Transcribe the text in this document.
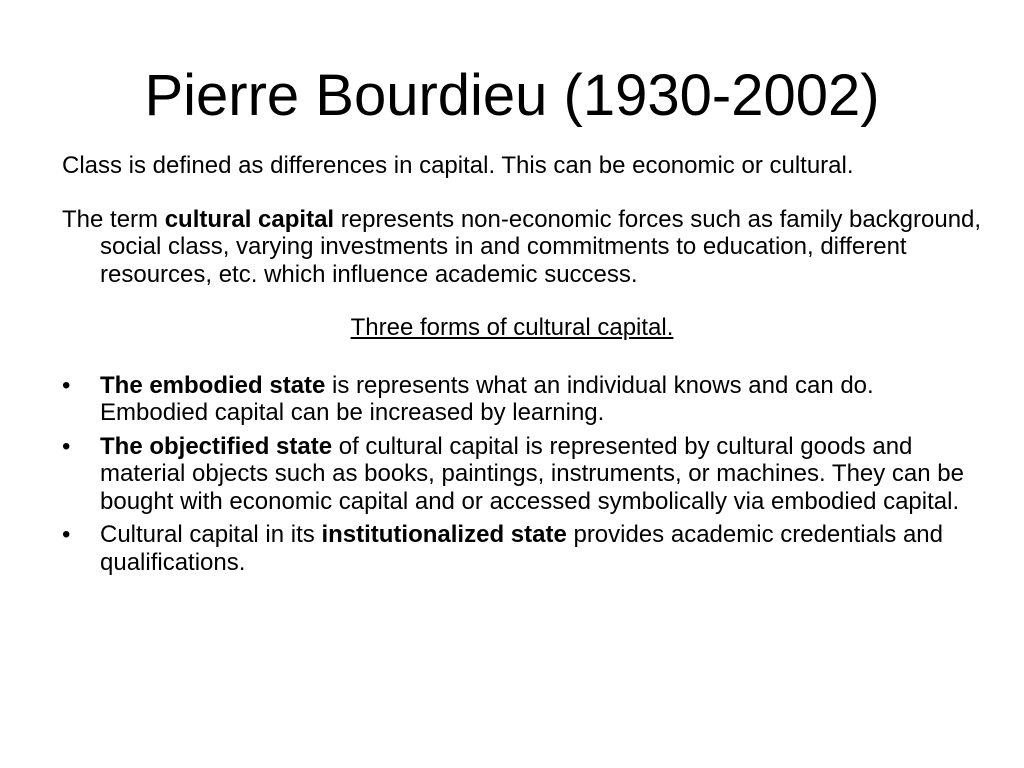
Pierre Bourdieu (1930-2002)

Class is defined as differences in capital. This can be economic or cultural.

The term cultural capital represents non-economic forces such as family background, social class, varying investments in and commitments to education, different resources, etc. which influence academic success.

Three forms of cultural capital.

•	The embodied state is represents what an individual knows and can do. Embodied capital can be increased by learning.
•	The objectified state of cultural capital is represented by cultural goods and material objects such as books, paintings, instruments, or machines. They can be bought with economic capital and or accessed symbolically via embodied capital.
•	Cultural capital in its institutionalized state provides academic credentials and qualifications.
